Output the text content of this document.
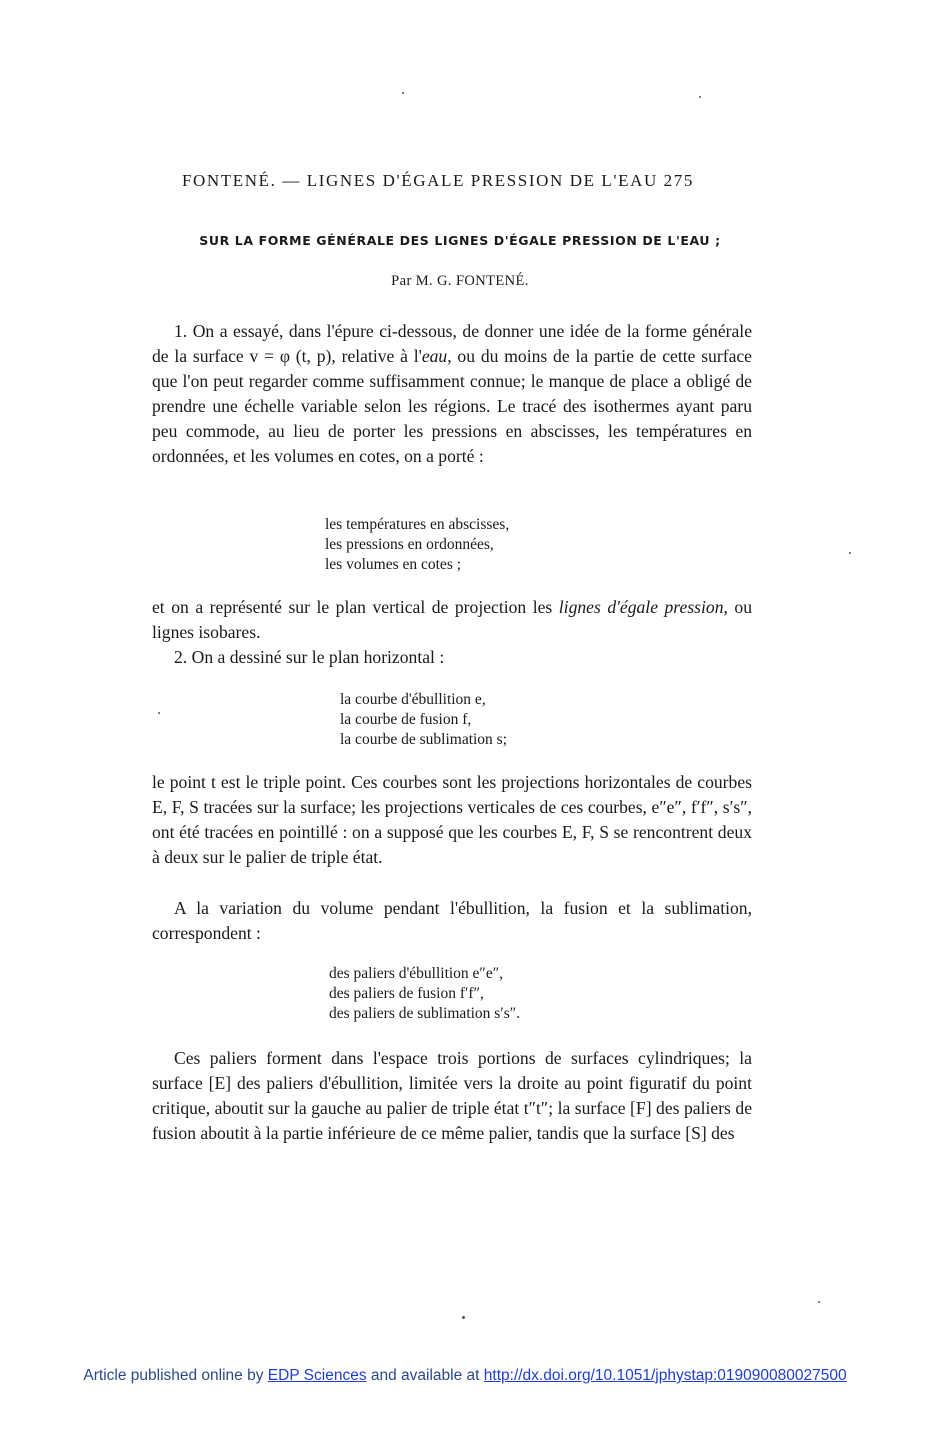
FONTENÉ. — LIGNES D'ÉGALE PRESSION DE L'EAU 275
SUR LA FORME GÉNÉRALE DES LIGNES D'ÉGALE PRESSION DE L'EAU ;
Par M. G. FONTENÉ.

1. On a essayé, dans l'épure ci-dessous, de donner une idée de la forme générale de la surface v = φ (t, p), relative à l'eau, ou du moins de la partie de cette surface que l'on peut regarder comme suffisamment connue; le manque de place a obligé de prendre une échelle variable selon les régions. Le tracé des isothermes ayant paru peu commode, au lieu de porter les pressions en abscisses, les températures en ordonnées, et les volumes en cotes, on a porté :

les températures en abscisses,
les pressions en ordonnées,
les volumes en cotes ;

et on a représenté sur le plan vertical de projection les lignes d'égale pression, ou lignes isobares.

2. On a dessiné sur le plan horizontal :

la courbe d'ébullition e,
la courbe de fusion f,
la courbe de sublimation s;

le point t est le triple point. Ces courbes sont les projections horizontales de courbes E, F, S tracées sur la surface; les projections verticales de ces courbes, e″e″, f′f″, s′s″, ont été tracées en pointillé : on a supposé que les courbes E, F, S se rencontrent deux à deux sur le palier de triple état.

A la variation du volume pendant l'ébullition, la fusion et la sublimation, correspondent :

des paliers d'ébullition e″e″,
des paliers de fusion f′f″,
des paliers de sublimation s′s″.

Ces paliers forment dans l'espace trois portions de surfaces cylindriques; la surface [E] des paliers d'ébullition, limitée vers la droite au point figuratif du point critique, aboutit sur la gauche au palier de triple état t″t″; la surface [F] des paliers de fusion aboutit à la partie inférieure de ce même palier, tandis que la surface [S] des

Article published online by EDP Sciences and available at http://dx.doi.org/10.1051/jphystap:019090080027500
